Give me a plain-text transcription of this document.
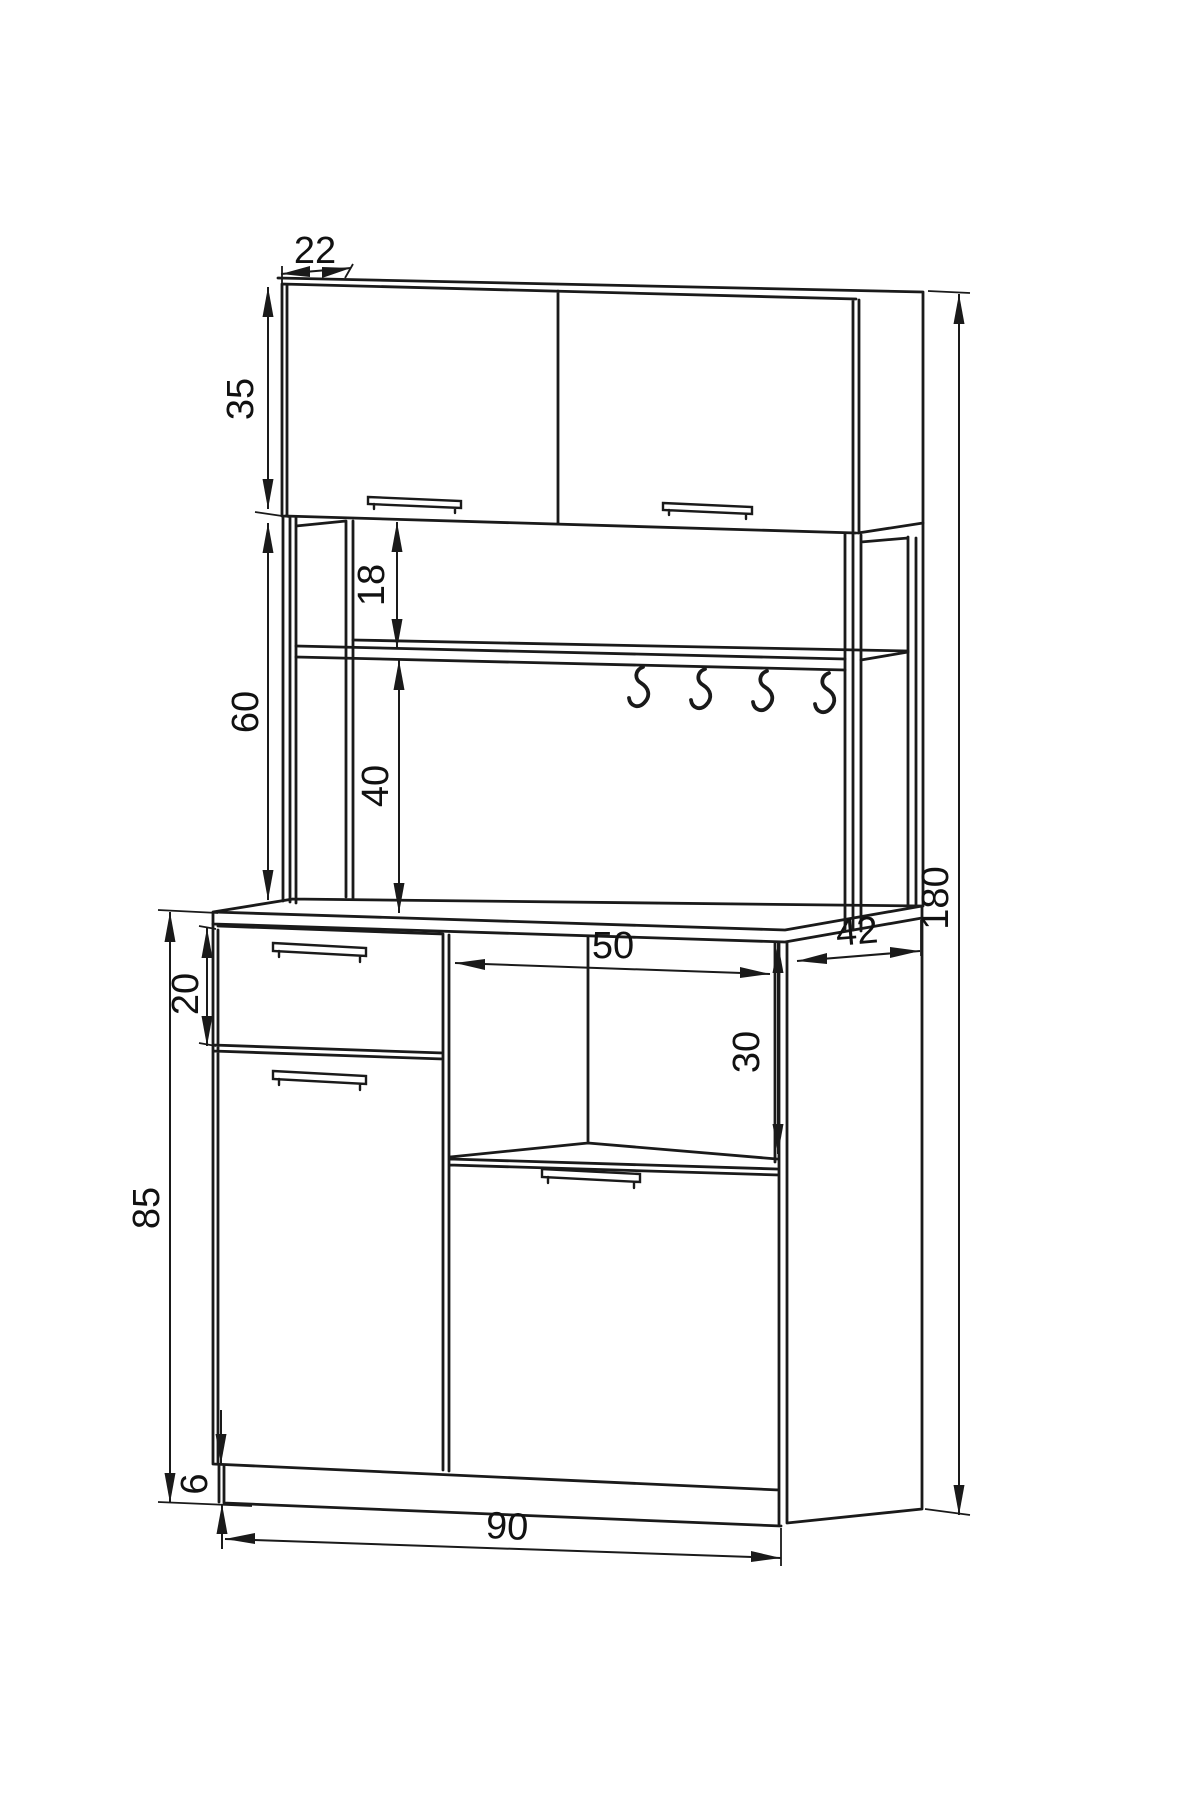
22
35
18
60
40
20
50
30
42
85
6
90
180
